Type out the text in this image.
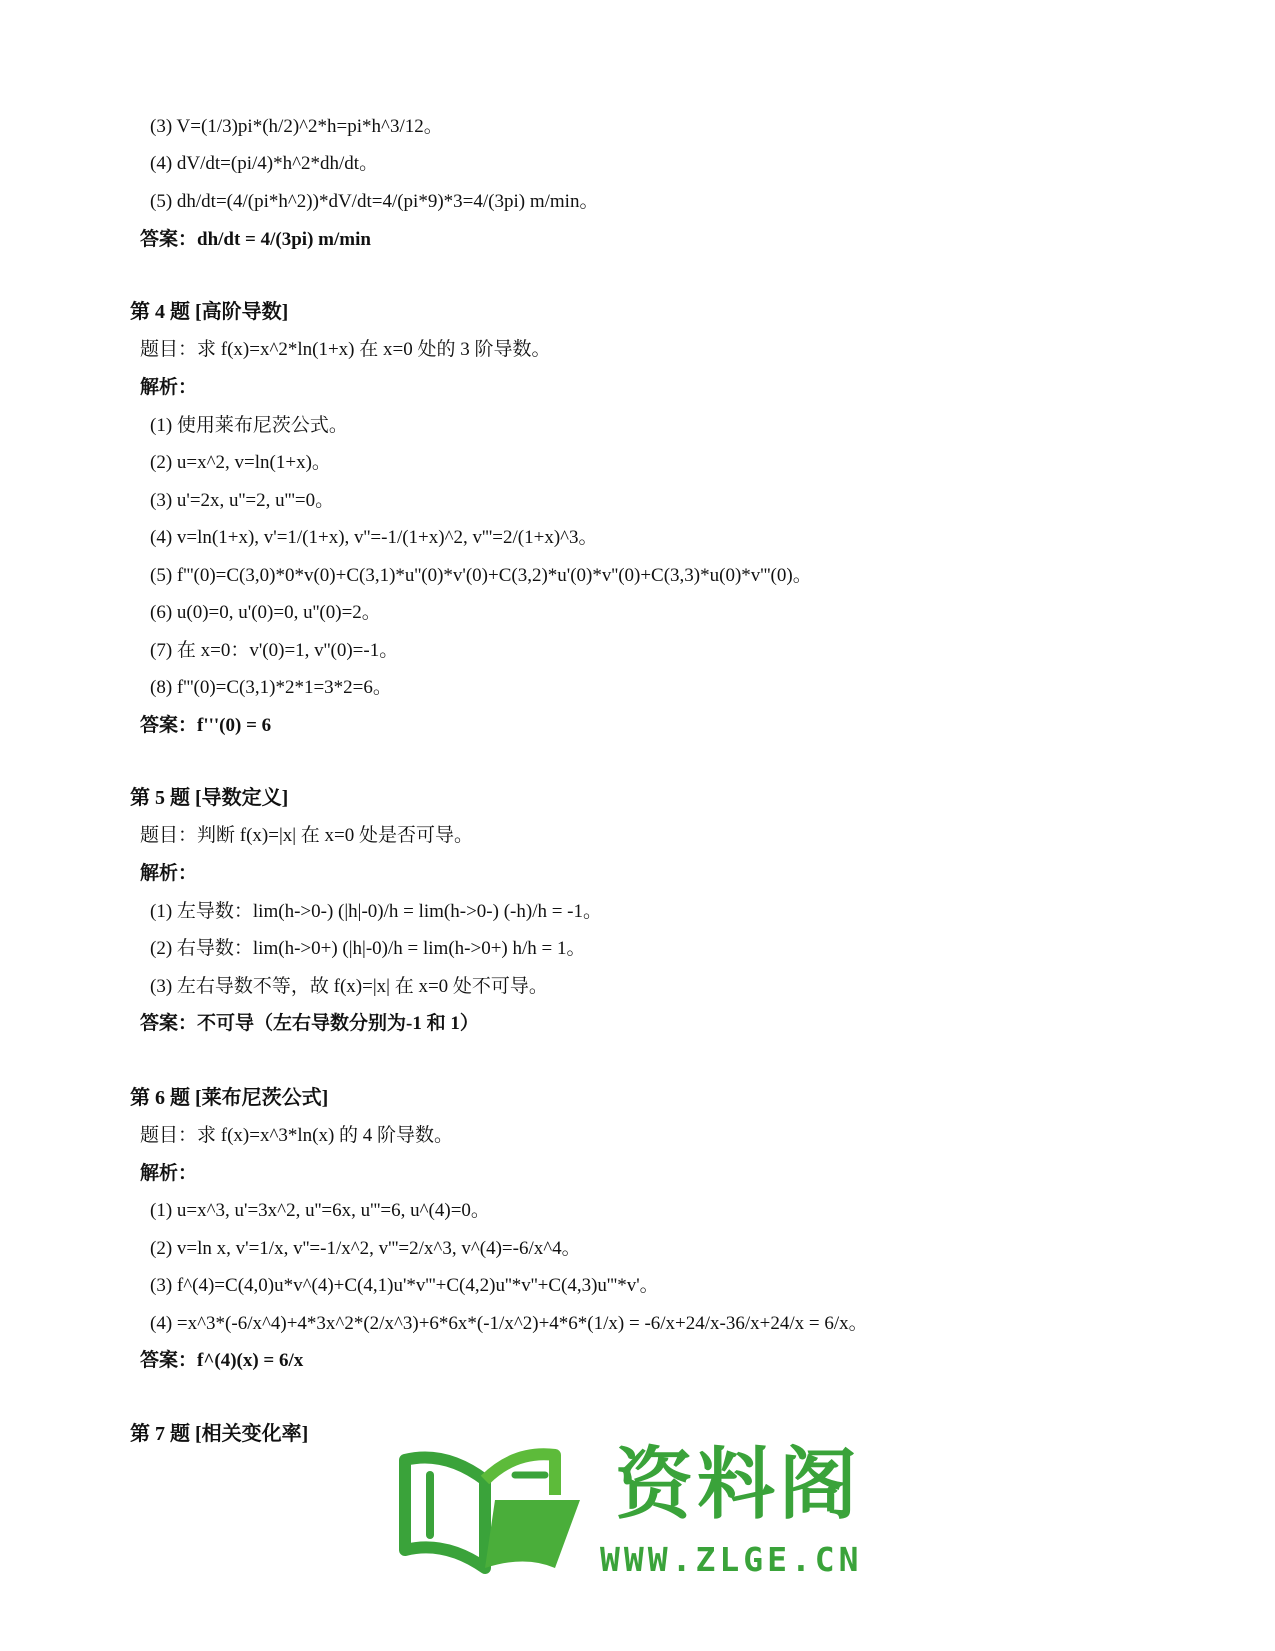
(3) V=(1/3)pi*(h/2)^2*h=pi*h^3/12。
(4) dV/dt=(pi/4)*h^2*dh/dt。
(5) dh/dt=(4/(pi*h^2))*dV/dt=4/(pi*9)*3=4/(3pi) m/min。
答案：dh/dt = 4/(3pi) m/min
第 4 题 [高阶导数]
题目：求 f(x)=x^2*ln(1+x) 在 x=0 处的 3 阶导数。
解析：
(1) 使用莱布尼茨公式。
(2) u=x^2, v=ln(1+x)。
(3) u'=2x, u''=2, u'''=0。
(4) v=ln(1+x), v'=1/(1+x), v''=-1/(1+x)^2, v'''=2/(1+x)^3。
(5) f'''(0)=C(3,0)*0*v(0)+C(3,1)*u''(0)*v'(0)+C(3,2)*u'(0)*v''(0)+C(3,3)*u(0)*v'''(0)。
(6) u(0)=0, u'(0)=0, u''(0)=2。
(7) 在 x=0：v'(0)=1, v''(0)=-1。
(8) f'''(0)=C(3,1)*2*1=3*2=6。
答案：f'''(0) = 6
第 5 题 [导数定义]
题目：判断 f(x)=|x| 在 x=0 处是否可导。
解析：
(1) 左导数：lim(h->0-) (|h|-0)/h = lim(h->0-) (-h)/h = -1。
(2) 右导数：lim(h->0+) (|h|-0)/h = lim(h->0+) h/h = 1。
(3) 左右导数不等，故 f(x)=|x| 在 x=0 处不可导。
答案：不可导（左右导数分别为-1 和 1）
第 6 题 [莱布尼茨公式]
题目：求 f(x)=x^3*ln(x) 的 4 阶导数。
解析：
(1) u=x^3, u'=3x^2, u''=6x, u'''=6, u^(4)=0。
(2) v=ln x, v'=1/x, v''=-1/x^2, v'''=2/x^3, v^(4)=-6/x^4。
(3) f^(4)=C(4,0)u*v^(4)+C(4,1)u'*v'''+C(4,2)u''*v''+C(4,3)u'''*v'。
(4) =x^3*(-6/x^4)+4*3x^2*(2/x^3)+6*6x*(-1/x^2)+4*6*(1/x) = -6/x+24/x-36/x+24/x = 6/x。
答案：f^(4)(x) = 6/x
第 7 题 [相关变化率]
资料阁
WWW.ZLGE.CN
